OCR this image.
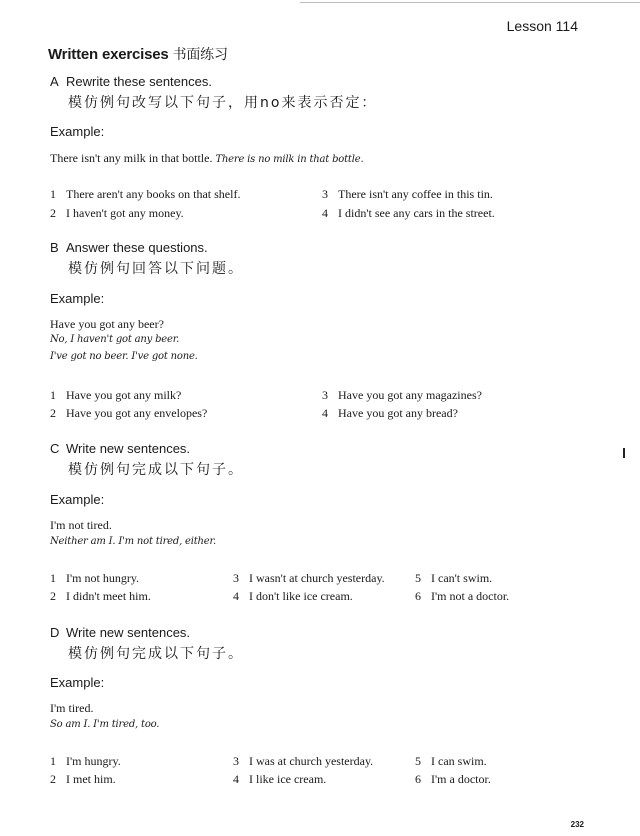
Lesson 114
Written exercises 书面练习
A Rewrite these sentences.
模仿例句改写以下句子，用no来表示否定：
Example:
There isn't any milk in that bottle. There is no milk in that bottle.
1 There aren't any books on that shelf.
2 I haven't got any money.
3 There isn't any coffee in this tin.
4 I didn't see any cars in the street.
B Answer these questions.
模仿例句回答以下问题。
Example:
Have you got any beer?
No, I haven't got any beer.
I've got no beer. I've got none.
1 Have you got any milk?
2 Have you got any envelopes?
3 Have you got any magazines?
4 Have you got any bread?
C Write new sentences.
模仿例句完成以下句子。
Example:
I'm not tired.
Neither am I. I'm not tired, either.
1 I'm not hungry.
2 I didn't meet him.
3 I wasn't at church yesterday.
4 I don't like ice cream.
5 I can't swim.
6 I'm not a doctor.
D Write new sentences.
模仿例句完成以下句子。
Example:
I'm tired.
So am I. I'm tired, too.
1 I'm hungry.
2 I met him.
3 I was at church yesterday.
4 I like ice cream.
5 I can swim.
6 I'm a doctor.
232
